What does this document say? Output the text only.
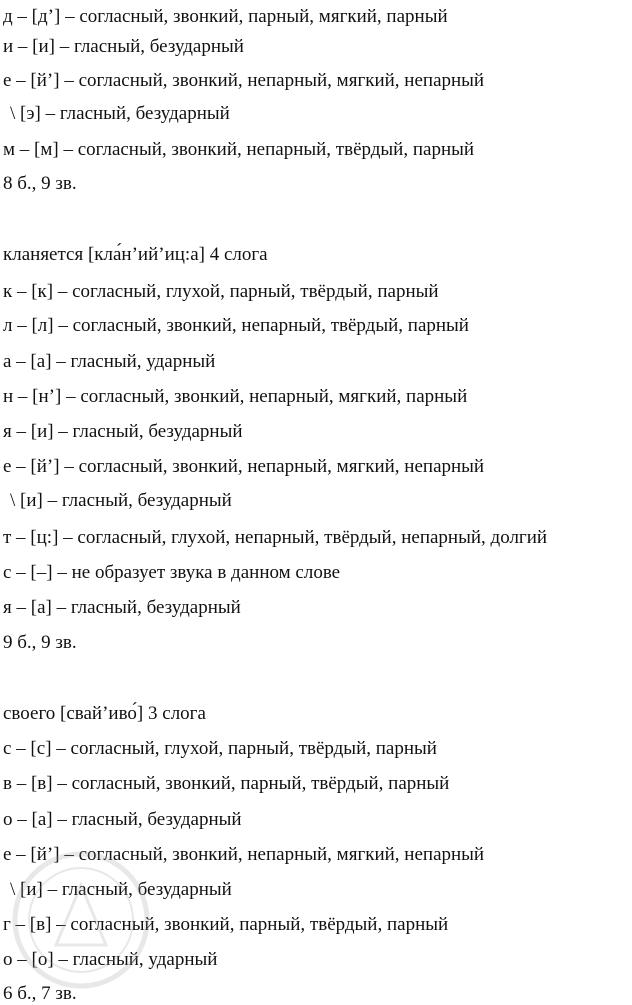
д – [д’] – согласный, звонкий, парный, мягкий, парный
и – [и] – гласный, безударный
е – [й’] – согласный, звонкий, непарный, мягкий, непарный
\ [э] – гласный, безударный
м – [м] – согласный, звонкий, непарный, твёрдый, парный
8 б., 9 зв.
кланяется [кла́н’ий’иц:а] 4 слога
к – [к] – согласный, глухой, парный, твёрдый, парный
л – [л] – согласный, звонкий, непарный, твёрдый, парный
а – [а] – гласный, ударный
н – [н’] – согласный, звонкий, непарный, мягкий, парный
я – [и] – гласный, безударный
е – [й’] – согласный, звонкий, непарный, мягкий, непарный
\ [и] – гласный, безударный
т – [ц:] – согласный, глухой, непарный, твёрдый, непарный, долгий
с – [–] – не образует звука в данном слове
я – [а] – гласный, безударный
9 б., 9 зв.
своего [свай’иво́] 3 слога
с – [с] – согласный, глухой, парный, твёрдый, парный
в – [в] – согласный, звонкий, парный, твёрдый, парный
о – [а] – гласный, безударный
е – [й’] – согласный, звонкий, непарный, мягкий, непарный
\ [и] – гласный, безударный
г – [в] – согласный, звонкий, парный, твёрдый, парный
о – [о] – гласный, ударный
6 б., 7 зв.
